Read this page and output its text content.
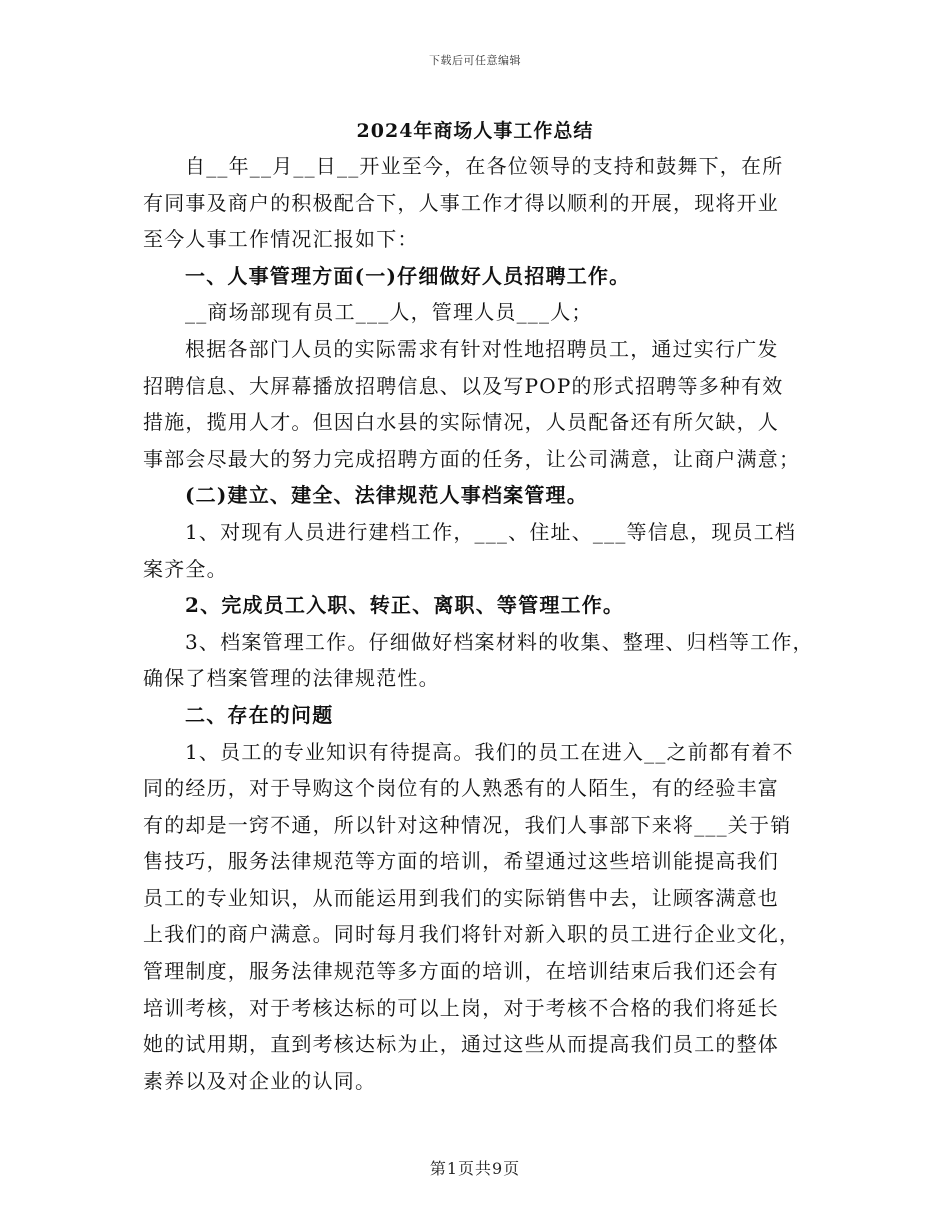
下载后可任意编辑
2024年商场人事工作总结

自__年__月__日__开业至今，在各位领导的支持和鼓舞下，在所

有同事及商户的积极配合下，人事工作才得以顺利的开展，现将开业

至今人事工作情况汇报如下：

一、人事管理方面(一)仔细做好人员招聘工作。

__商场部现有员工___人，管理人员___人；

根据各部门人员的实际需求有针对性地招聘员工，通过实行广发

招聘信息、大屏幕播放招聘信息、以及写POP的形式招聘等多种有效

措施，揽用人才。但因白水县的实际情况，人员配备还有所欠缺，人

事部会尽最大的努力完成招聘方面的任务，让公司满意，让商户满意；

(二)建立、建全、法律规范人事档案管理。

1、对现有人员进行建档工作，___、住址、___等信息，现员工档

案齐全。

2、完成员工入职、转正、离职、等管理工作。

3、档案管理工作。仔细做好档案材料的收集、整理、归档等工作，

确保了档案管理的法律规范性。

二、存在的问题

1、员工的专业知识有待提高。我们的员工在进入__之前都有着不

同的经历，对于导购这个岗位有的人熟悉有的人陌生，有的经验丰富

有的却是一窍不通，所以针对这种情况，我们人事部下来将___关于销

售技巧，服务法律规范等方面的培训，希望通过这些培训能提高我们

员工的专业知识，从而能运用到我们的实际销售中去，让顾客满意也

上我们的商户满意。同时每月我们将针对新入职的员工进行企业文化，

管理制度，服务法律规范等多方面的培训，在培训结束后我们还会有

培训考核，对于考核达标的可以上岗，对于考核不合格的我们将延长

她的试用期，直到考核达标为止，通过这些从而提高我们员工的整体

素养以及对企业的认同。

第1页共9页
